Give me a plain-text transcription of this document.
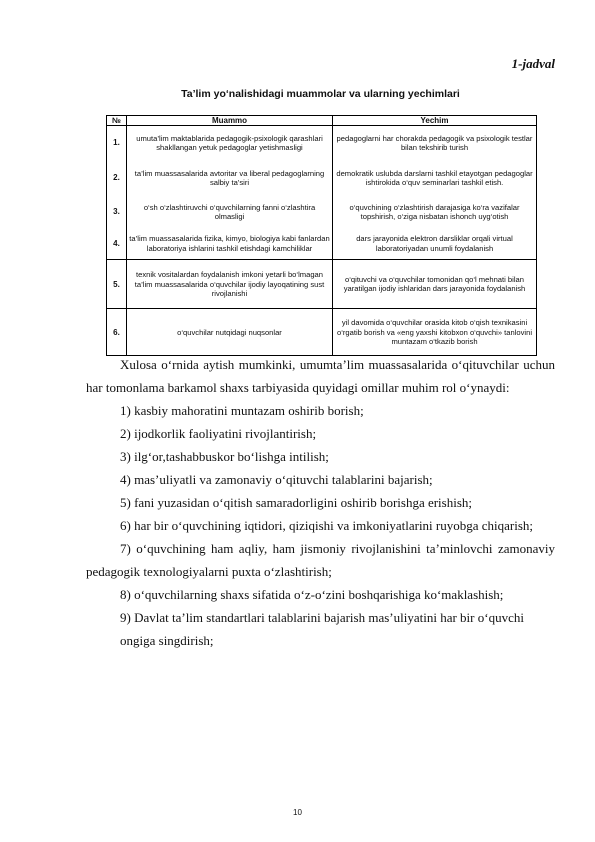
1-jadval
Ta’lim yo‘nalishidagi muammolar va ularning yechimlari
№	Muammo	Yechim
1.	umuta’lim maktablarida pedagogik-psixologik qarashlari shakllangan yetuk pedagoglar yetishmasligi	pedagoglarni har chorakda pedagogik va psixologik testlar bilan tekshirib turish
2.	ta’lim muassasalarida avtoritar va liberal pedagoglarning salbiy ta’siri	demokratik uslubda darslarni tashkil etayotgan pedagoglar ishtirokida o‘quv seminarlari tashkil etish.
3.	o‘sh o‘zlashtiruvchi o‘quvchilarning fanni o‘zlashtira olmasligi	o‘quvchining o‘zlashtirish darajasiga ko‘ra vazifalar topshirish, o‘ziga nisbatan ishonch uyg‘otish
4.	ta’lim muassasalarida fizika, kimyo, biologiya kabi fanlardan laboratoriya ishlarini tashkil etishdagi kamchiliklar	dars jarayonida elektron darsliklar orqali virtual laboratoriyadan unumli foydalanish
5.	texnik vositalardan foydalanish imkoni yetarli bo‘lmagan ta’lim muassasalarida o‘quvchilar ijodiy layoqatining sust rivojlanishi	o‘qituvchi va o‘quvchilar tomonidan qo‘l mehnati bilan yaratilgan ijodiy ishlaridan dars jarayonida foydalanish
6.	o‘quvchilar nutqidagi nuqsonlar	yil davomida o‘quvchilar orasida kitob o‘qish texnikasini o‘rgatib borish va «eng yaxshi kitobxon o‘quvchi» tanlovini muntazam o‘tkazib borish

Xulosa o‘rnida aytish mumkinki, umumta’lim muassasalarida o‘qituvchilar uchun har tomonlama barkamol shaxs tarbiyasida quyidagi omillar muhim rol o‘ynaydi:

1) kasbiy mahoratini muntazam oshirib borish;

2) ijodkorlik faoliyatini rivojlantirish;

3) ilg‘or,tashabbuskor bo‘lishga intilish;

4) mas’uliyatli va zamonaviy o‘qituvchi talablarini bajarish;

5) fani yuzasidan o‘qitish samaradorligini oshirib borishga erishish;

6) har bir o‘quvchining iqtidori, qiziqishi va imkoniyatlarini ruyobga chiqarish;

7) o‘quvchining ham aqliy, ham jismoniy rivojlanishini ta’minlovchi zamonaviy pedagogik texnologiyalarni puxta o‘zlashtirish;

8) o‘quvchilarning shaxs sifatida o‘z-o‘zini boshqarishiga ko‘maklashish;

9) Davlat ta’lim standartlari talablarini bajarish mas’uliyatini har bir o‘quvchi

ongiga singdirish;

10
